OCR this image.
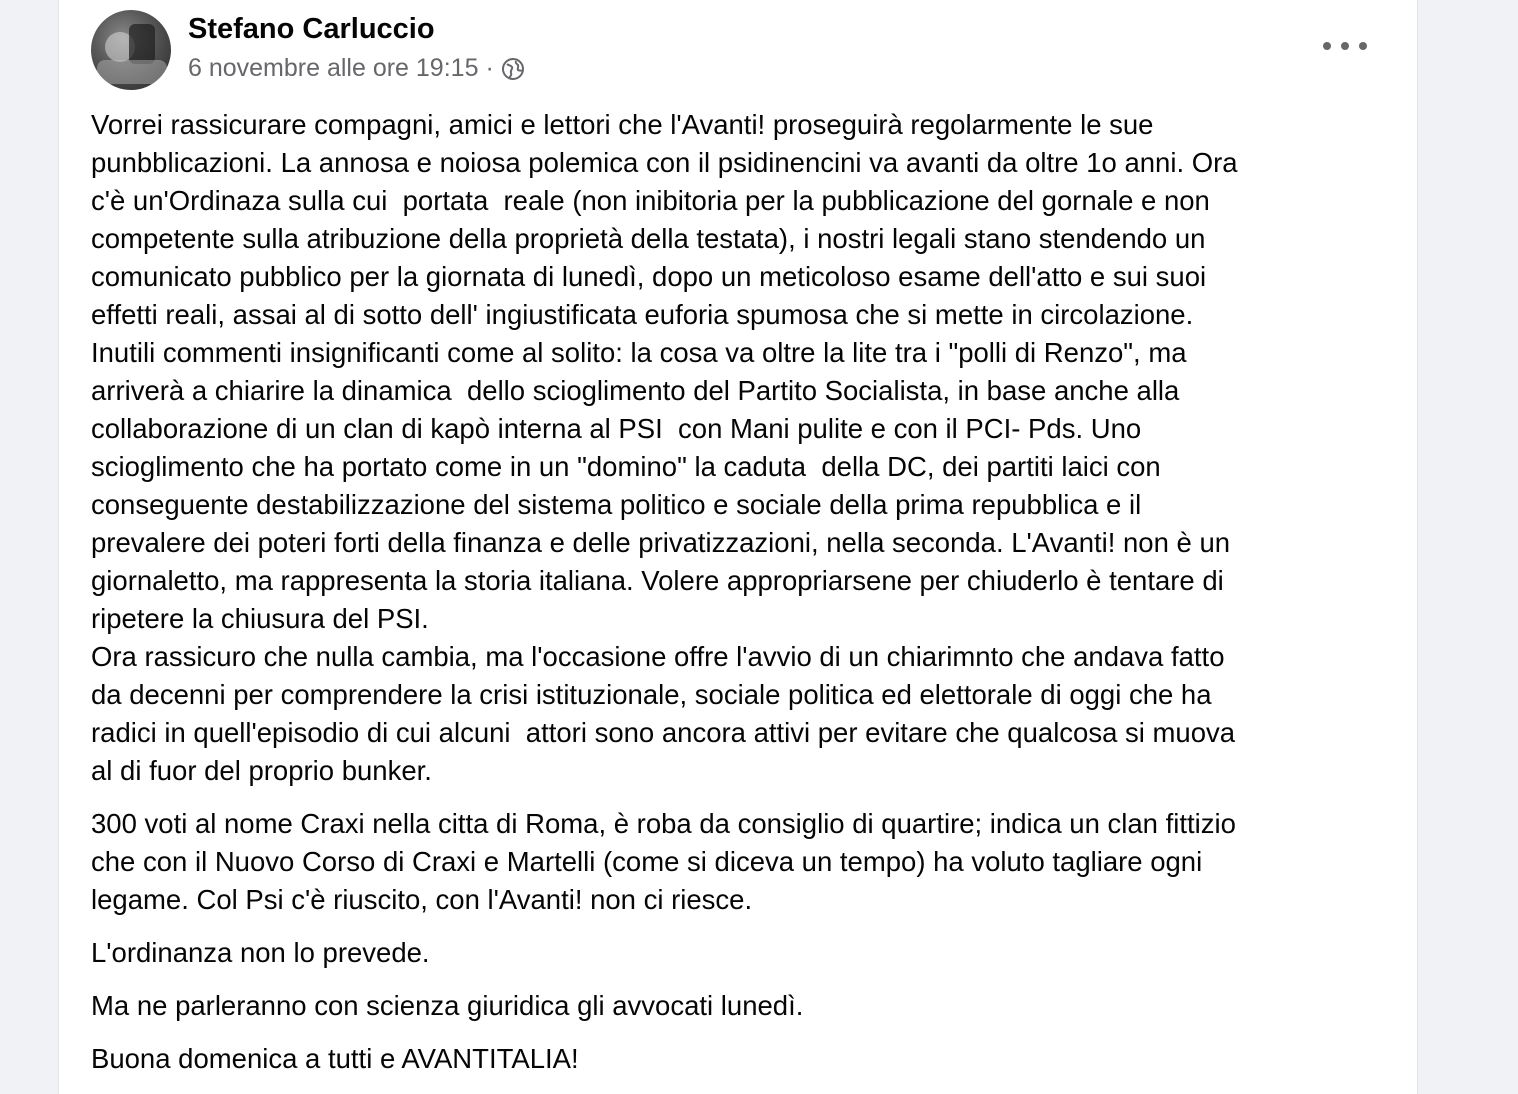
Stefano Carluccio
6 novembre alle ore 19:15 ·

Vorrei rassicurare compagni, amici e lettori che l'Avanti! proseguirà regolarmente le sue
punbblicazioni. La annosa e noiosa polemica con il psidinencini va avanti da oltre 1o anni. Ora
c'è un'Ordinaza sulla cui  portata  reale (non inibitoria per la pubblicazione del gornale e non
competente sulla atribuzione della proprietà della testata), i nostri legali stano stendendo un
comunicato pubblico per la giornata di lunedì, dopo un meticoloso esame dell'atto e sui suoi
effetti reali, assai al di sotto dell' ingiustificata euforia spumosa che si mette in circolazione.
Inutili commenti insignificanti come al solito: la cosa va oltre la lite tra i "polli di Renzo", ma
arriverà a chiarire la dinamica  dello scioglimento del Partito Socialista, in base anche alla
collaborazione di un clan di kapò interna al PSI  con Mani pulite e con il PCI- Pds. Uno
scioglimento che ha portato come in un "domino" la caduta  della DC, dei partiti laici con
conseguente destabilizzazione del sistema politico e sociale della prima repubblica e il
prevalere dei poteri forti della finanza e delle privatizzazioni, nella seconda. L'Avanti! non è un
giornaletto, ma rappresenta la storia italiana. Volere appropriarsene per chiuderlo è tentare di
ripetere la chiusura del PSI.
Ora rassicuro che nulla cambia, ma l'occasione offre l'avvio di un chiarimnto che andava fatto
da decenni per comprendere la crisi istituzionale, sociale politica ed elettorale di oggi che ha
radici in quell'episodio di cui alcuni  attori sono ancora attivi per evitare che qualcosa si muova
al di fuor del proprio bunker.

300 voti al nome Craxi nella citta di Roma, è roba da consiglio di quartire; indica un clan fittizio
che con il Nuovo Corso di Craxi e Martelli (come si diceva un tempo) ha voluto tagliare ogni
legame. Col Psi c'è riuscito, con l'Avanti! non ci riesce.

L'ordinanza non lo prevede.

Ma ne parleranno con scienza giuridica gli avvocati lunedì.

Buona domenica a tutti e AVANTITALIA!
